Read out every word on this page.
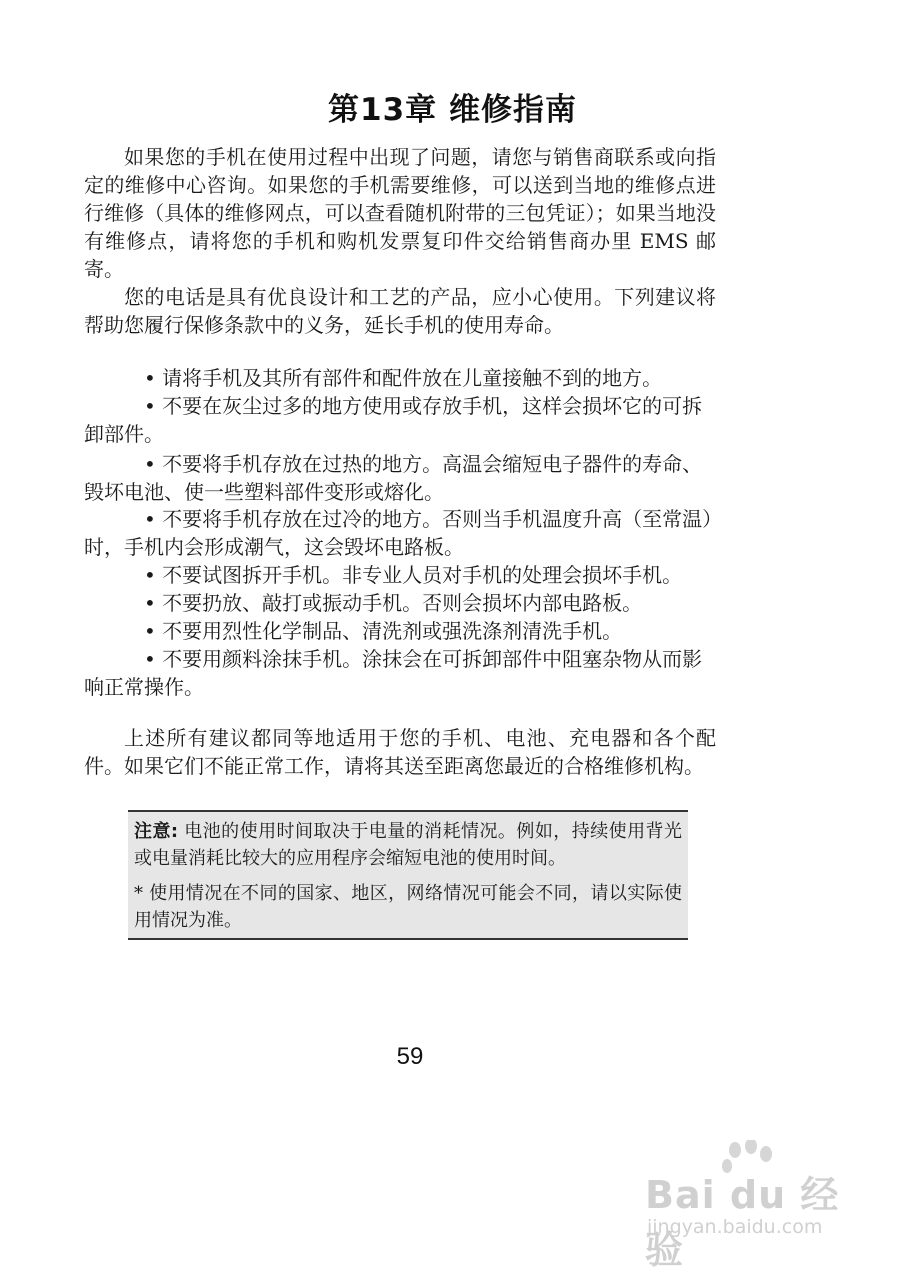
第13章 维修指南

如果您的手机在使用过程中出现了问题，请您与销售商联系或向指定的维修中心咨询。如果您的手机需要维修，可以送到当地的维修点进行维修（具体的维修网点，可以查看随机附带的三包凭证）；如果当地没有维修点，请将您的手机和购机发票复印件交给销售商办里 EMS 邮寄。

您的电话是具有优良设计和工艺的产品，应小心使用。下列建议将帮助您履行保修条款中的义务，延长手机的使用寿命。

• 请将手机及其所有部件和配件放在儿童接触不到的地方。

• 不要在灰尘过多的地方使用或存放手机，这样会损坏它的可拆卸部件。

• 不要将手机存放在过热的地方。高温会缩短电子器件的寿命、毁坏电池、使一些塑料部件变形或熔化。

• 不要将手机存放在过冷的地方。否则当手机温度升高（至常温）时，手机内会形成潮气，这会毁坏电路板。

• 不要试图拆开手机。非专业人员对手机的处理会损坏手机。

• 不要扔放、敲打或振动手机。否则会损坏内部电路板。

• 不要用烈性化学制品、清洗剂或强洗涤剂清洗手机。

• 不要用颜料涂抹手机。涂抹会在可拆卸部件中阻塞杂物从而影响正常操作。

上述所有建议都同等地适用于您的手机、电池、充电器和各个配件。如果它们不能正常工作，请将其送至距离您最近的合格维修机构。

注意: 电池的使用时间取决于电量的消耗情况。例如，持续使用背光或电量消耗比较大的应用程序会缩短电池的使用时间。

* 使用情况在不同的国家、地区，网络情况可能会不同，请以实际使用情况为准。

59
Bai du 经验
jingyan.baidu.com
